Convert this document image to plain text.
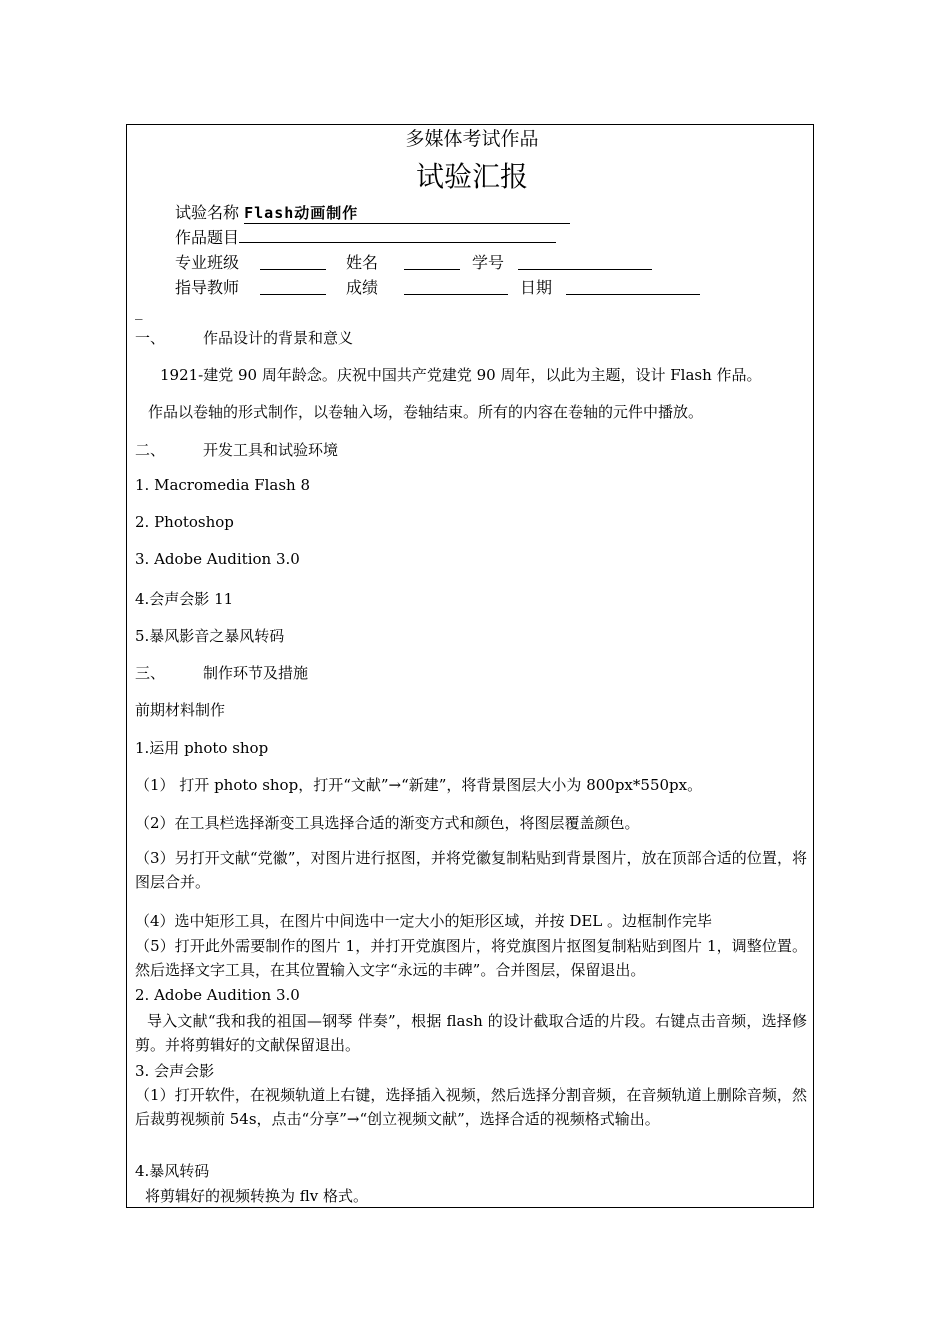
多媒体考试作品
试验汇报
试验名称 Flash动画制作
作品题目
专业班级	姓名	学号
指导教师	成绩	日期
_
一、	作品设计的背景和意义
1921-建党 90 周年龄念。庆祝中国共产党建党 90 周年，以此为主题，设计 Flash 作品。
作品以卷轴的形式制作，以卷轴入场，卷轴结束。所有的内容在卷轴的元件中播放。
二、	开发工具和试验环境
1. Macromedia Flash 8
2. Photoshop
3. Adobe Audition 3.0
4.会声会影 11
5.暴风影音之暴风转码
三、	制作环节及措施
前期材料制作
1.运用 photo shop
（1） 打开 photo shop，打开“文献”→“新建”，将背景图层大小为 800px*550px。
（2）在工具栏选择渐变工具选择合适的渐变方式和颜色，将图层覆盖颜色。
（3）另打开文献“党徽”，对图片进行抠图，并将党徽复制粘贴到背景图片，放在顶部合适的位置，将图层合并。
（4）选中矩形工具，在图片中间选中一定大小的矩形区域，并按 DEL 。边框制作完毕
（5）打开此外需要制作的图片 1，并打开党旗图片，将党旗图片抠图复制粘贴到图片 1，调整位置。然后选择文字工具，在其位置输入文字“永远的丰碑”。合并图层，保留退出。
2. Adobe Audition 3.0
导入文献“我和我的祖国—钢琴 伴奏”，根据 flash 的设计截取合适的片段。右键点击音频，选择修剪。并将剪辑好的文献保留退出。
3. 会声会影
（1）打开软件，在视频轨道上右键，选择插入视频，然后选择分割音频，在音频轨道上删除音频，然后裁剪视频前 54s，点击“分享”→“创立视频文献”，选择合适的视频格式输出。
4.暴风转码
将剪辑好的视频转换为 flv 格式。
